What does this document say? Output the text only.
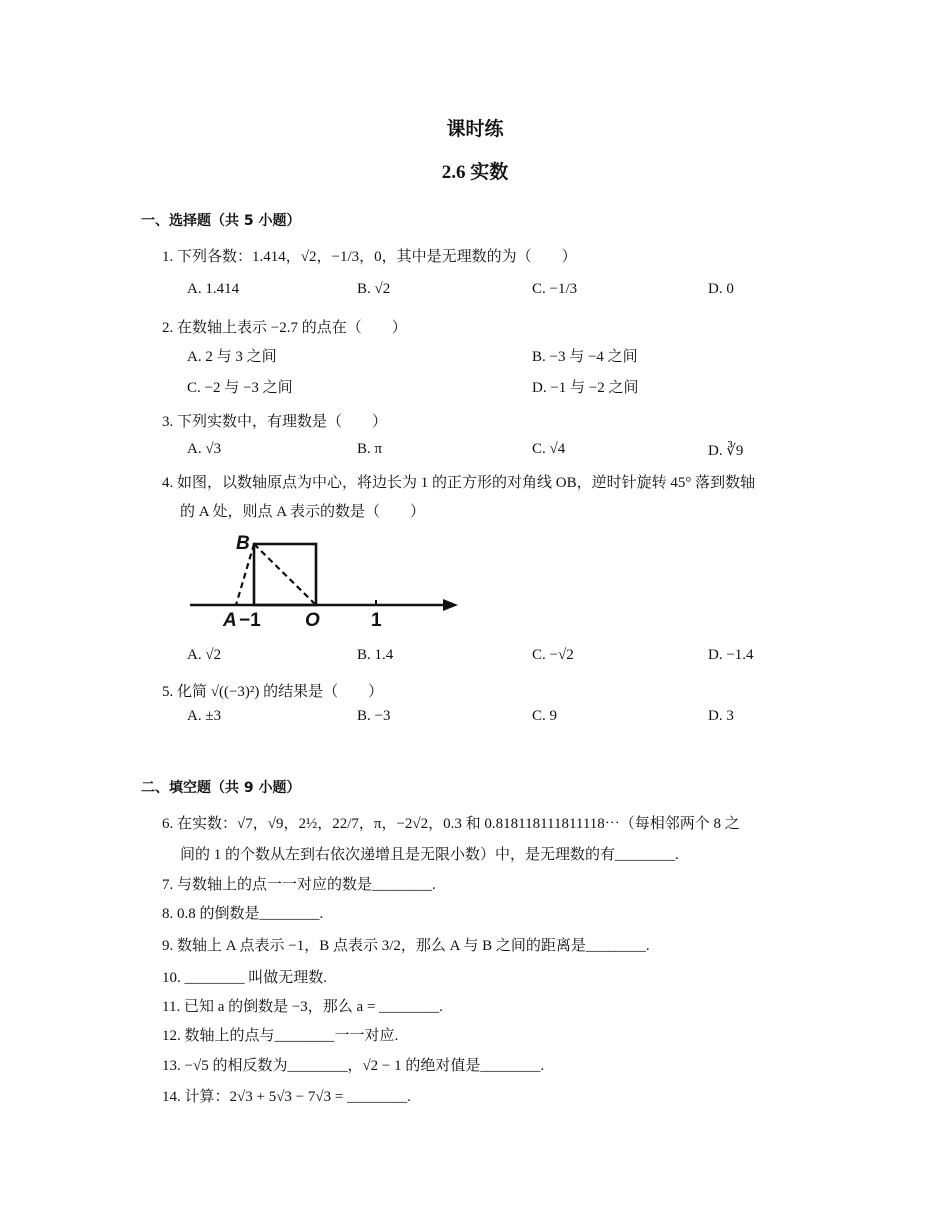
课时练
2.6 实数
一、选择题（共 5 小题）
1. 下列各数：1.414，√2，−1/3，0，其中是无理数的为（　　）
A. 1.414	B. √2	C. −1/3	D. 0
2. 在数轴上表示 −2.7 的点在（　　）
A. 2 与 3 之间	B. −3 与 −4 之间
C. −2 与 −3 之间	D. −1 与 −2 之间
3. 下列实数中，有理数是（　　）
A. √3	B. π	C. √4	D. ∛9
4. 如图，以数轴原点为中心，将边长为 1 的正方形的对角线 OB，逆时针旋转 45° 落到数轴
的 A 处，则点 A 表示的数是（　　）
B
A −1 O	1
A. √2	B. 1.4	C. −√2	D. −1.4
5. 化简 √((−3)²) 的结果是（　　）
A. ±3	B. −3	C. 9	D. 3
二、填空题（共 9 小题）
6. 在实数：√7，√9，2½，22/7，π，−2√2，0.3 和 0.818118111811118⋯（每相邻两个 8 之
间的 1 的个数从左到右依次递增且是无限小数）中，是无理数的有________.
7. 与数轴上的点一一对应的数是________.
8. 0.8 的倒数是________.
9. 数轴上 A 点表示 −1，B 点表示 3/2，那么 A 与 B 之间的距离是________.
10. ________ 叫做无理数.
11. 已知 a 的倒数是 −3，那么 a = ________.
12. 数轴上的点与________一一对应.
13. −√5 的相反数为________，√2 − 1 的绝对值是________.
14. 计算：2√3 + 5√3 − 7√3 = ________.
